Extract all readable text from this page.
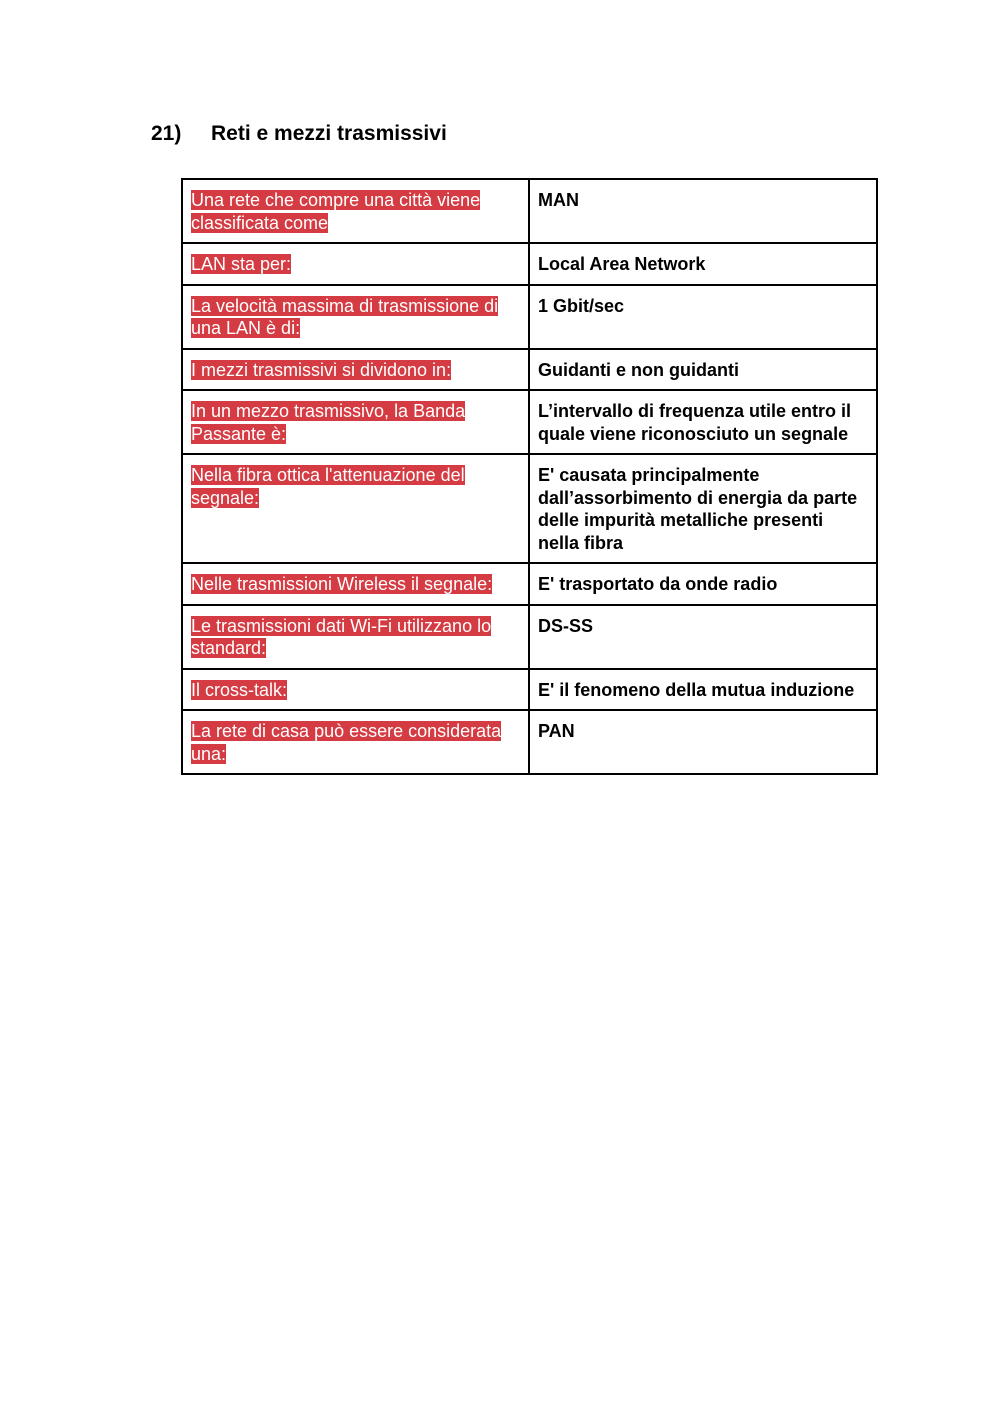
21) Reti e mezzi trasmissivi
Una rete che compre una città viene classificata come	MAN
LAN sta per:	Local Area Network
La velocità massima di trasmissione di una LAN è di:	1 Gbit/sec
I mezzi trasmissivi si dividono in:	Guidanti e non guidanti
In un mezzo trasmissivo, la Banda Passante è:	L’intervallo di frequenza utile entro il quale viene riconosciuto un segnale
Nella fibra ottica l'attenuazione del segnale:	E' causata principalmente dall’assorbimento di energia da parte delle impurità metalliche presenti nella fibra
Nelle trasmissioni Wireless il segnale:	E' trasportato da onde radio
Le trasmissioni dati Wi-Fi utilizzano lo standard:	DS-SS
Il cross-talk:	E' il fenomeno della mutua induzione
La rete di casa può essere considerata una:	PAN
